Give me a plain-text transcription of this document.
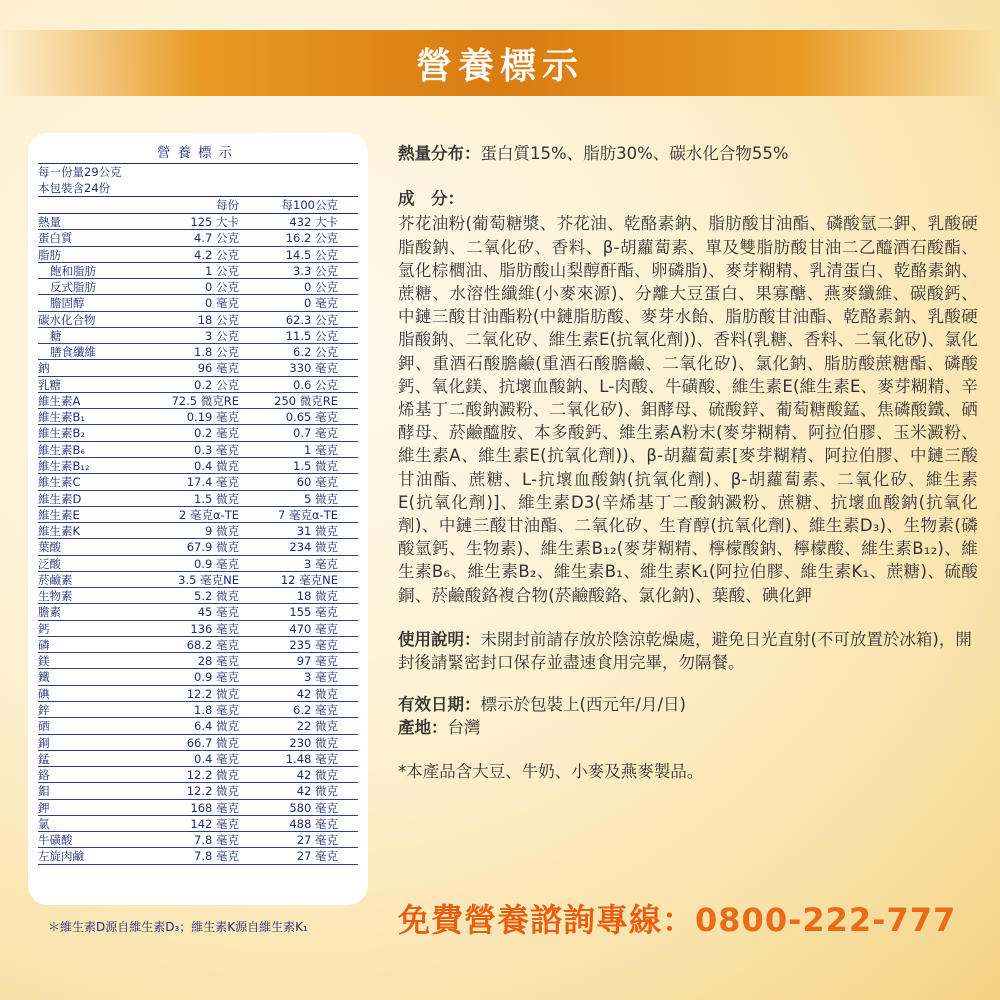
營養標示
營養標示
每一份量29公克
本包裝含24份
每份	每100公克
熱量	125 大卡	432 大卡
蛋白質	4.7 公克	16.2 公克
脂肪	4.2 公克	14.5 公克
飽和脂肪	1 公克	3.3 公克
反式脂肪	0 公克	0 公克
膽固醇	0 毫克	0 毫克
碳水化合物	18 公克	62.3 公克
糖	3 公克	11.5 公克
膳食纖維	1.8 公克	6.2 公克
鈉	96 毫克	330 毫克
乳糖	0.2 公克	0.6 公克
維生素A	72.5 微克RE	250 微克RE
維生素B₁	0.19 毫克	0.65 毫克
維生素B₂	0.2 毫克	0.7 毫克
維生素B₆	0.3 毫克	1 毫克
維生素B₁₂	0.4 微克	1.5 微克
維生素C	17.4 毫克	60 毫克
維生素D	1.5 微克	5 微克
維生素E	2 毫克α-TE	7 毫克α-TE
維生素K	9 微克	31 微克
葉酸	67.9 微克	234 微克
泛酸	0.9 毫克	3 毫克
菸鹼素	3.5 毫克NE	12 毫克NE
生物素	5.2 微克	18 微克
膽素	45 毫克	155 毫克
鈣	136 毫克	470 毫克
磷	68.2 毫克	235 毫克
鎂	28 毫克	97 毫克
鐵	0.9 毫克	3 毫克
碘	12.2 微克	42 微克
鋅	1.8 毫克	6.2 毫克
硒	6.4 微克	22 微克
銅	66.7 微克	230 微克
錳	0.4 毫克	1.48 毫克
鉻	12.2 微克	42 微克
鉬	12.2 微克	42 微克
鉀	168 毫克	580 毫克
氯	142 毫克	488 毫克
牛磺酸	7.8 毫克	27 毫克
左旋肉鹼	7.8 毫克	27 毫克
＊維生素D源自維生素D₃；維生素K源自維生素K₁

熱量分布：蛋白質15%、脂肪30%、碳水化合物55%

成　分：

芥花油粉(葡萄糖漿、芥花油、乾酪素鈉、脂肪酸甘油酯、磷酸氫二鉀、乳酸硬脂酸鈉、二氧化矽、香料、β-胡蘿蔔素、單及雙脂肪酸甘油二乙醯酒石酸酯、氫化棕櫚油、脂肪酸山梨醇酐酯、卵磷脂)、麥芽糊精、乳清蛋白、乾酪素鈉、蔗糖、水溶性纖維(小麥來源)、分離大豆蛋白、果寡醣、燕麥纖維、碳酸鈣、中鏈三酸甘油酯粉(中鏈脂肪酸、麥芽水飴、脂肪酸甘油酯、乾酪素鈉、乳酸硬脂酸鈉、二氧化矽、維生素E(抗氧化劑))、香料(乳糖、香料、二氧化矽)、氯化鉀、重酒石酸膽鹼(重酒石酸膽鹼、二氧化矽)、氯化鈉、脂肪酸蔗糖酯、磷酸鈣、氧化鎂、抗壞血酸鈉、L-肉酸、牛磺酸、維生素E(維生素E、麥芽糊精、辛烯基丁二酸鈉澱粉、二氧化矽)、鉬酵母、硫酸鋅、葡萄糖酸錳、焦磷酸鐵、硒酵母、菸鹼醯胺、本多酸鈣、維生素A粉末(麥芽糊精、阿拉伯膠、玉米澱粉、維生素A、維生素E(抗氧化劑))、β-胡蘿蔔素[麥芽糊精、阿拉伯膠、中鏈三酸甘油酯、蔗糖、L-抗壞血酸鈉(抗氧化劑)、β-胡蘿蔔素、二氧化矽、維生素E(抗氧化劑)]、維生素D3(辛烯基丁二酸鈉澱粉、蔗糖、抗壞血酸鈉(抗氧化劑)、中鏈三酸甘油酯、二氧化矽、生育醇(抗氧化劑)、維生素D₃)、生物素(磷酸氫鈣、生物素)、維生素B₁₂(麥芽糊精、檸檬酸鈉、檸檬酸、維生素B₁₂)、維生素B₆、維生素B₂、維生素B₁、維生素K₁(阿拉伯膠、維生素K₁、蔗糖)、硫酸銅、菸鹼酸鉻複合物(菸鹼酸鉻、氯化鈉)、葉酸、碘化鉀

使用說明：未開封前請存放於陰涼乾燥處，避免日光直射(不可放置於冰箱)，開封後請緊密封口保存並盡速食用完畢，勿隔餐。

有效日期：標示於包裝上(西元年/月/日)

產地：台灣

*本產品含大豆、牛奶、小麥及燕麥製品。

免費營養諮詢專線：0800-222-777
